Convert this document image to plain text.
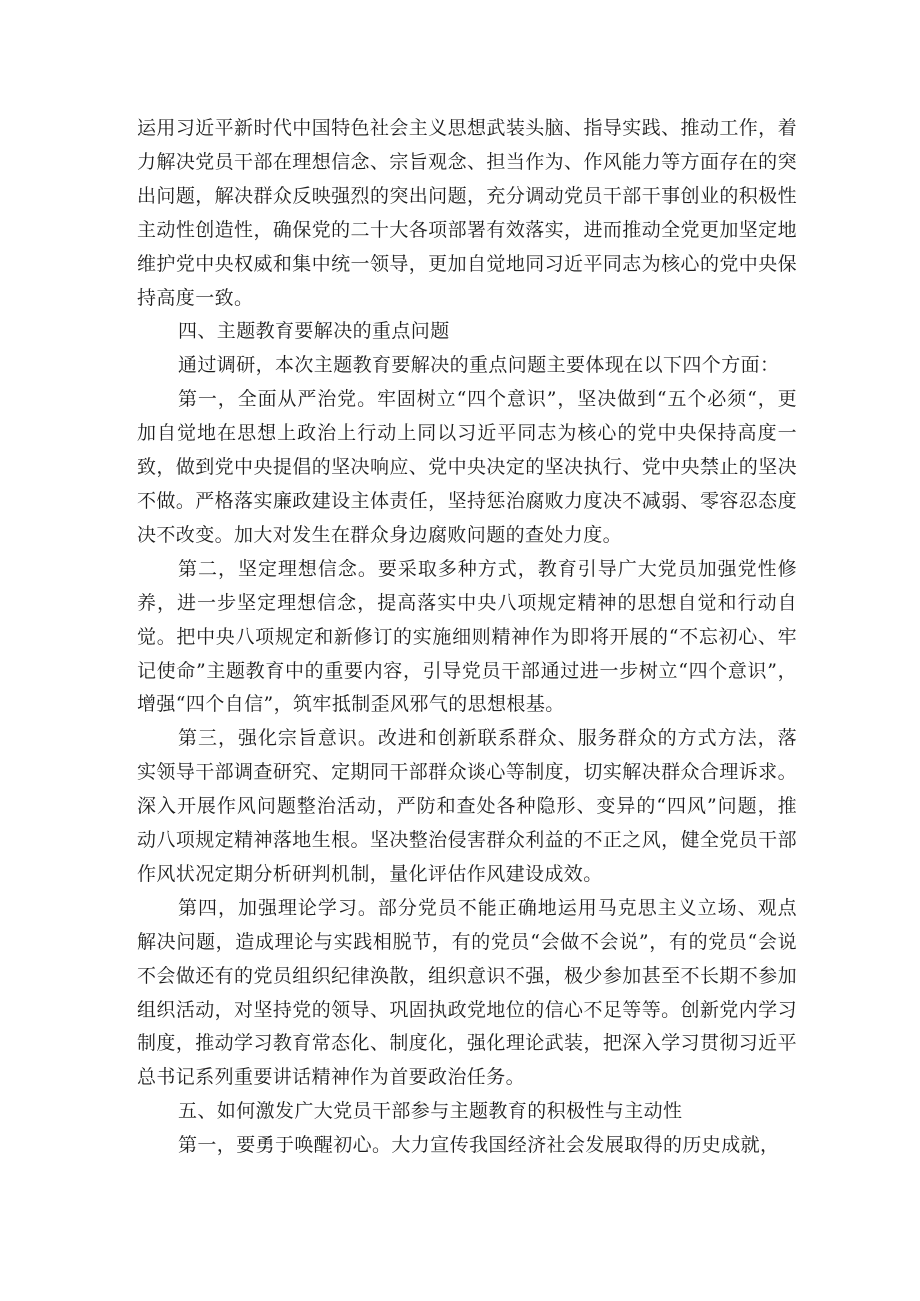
运用习近平新时代中国特色社会主义思想武装头脑、指导实践、推动工作，着力解决党员干部在理想信念、宗旨观念、担当作为、作风能力等方面存在的突出问题，解决群众反映强烈的突出问题，充分调动党员干部干事创业的积极性主动性创造性，确保党的二十大各项部署有效落实，进而推动全党更加坚定地维护党中央权威和集中统一领导，更加自觉地同习近平同志为核心的党中央保持高度一致。

四、主题教育要解决的重点问题

通过调研，本次主题教育要解决的重点问题主要体现在以下四个方面：

第一，全面从严治党。牢固树立“四个意识”，坚决做到“五个必须“，更加自觉地在思想上政治上行动上同以习近平同志为核心的党中央保持高度一致，做到党中央提倡的坚决响应、党中央决定的坚决执行、党中央禁止的坚决不做。严格落实廉政建设主体责任，坚持惩治腐败力度决不减弱、零容忍态度决不改变。加大对发生在群众身边腐败问题的查处力度。

第二，坚定理想信念。要采取多种方式，教育引导广大党员加强党性修养，进一步坚定理想信念，提高落实中央八项规定精神的思想自觉和行动自觉。把中央八项规定和新修订的实施细则精神作为即将开展的“不忘初心、牢记使命”主题教育中的重要内容，引导党员干部通过进一步树立“四个意识”，增强“四个自信”，筑牢抵制歪风邪气的思想根基。

第三，强化宗旨意识。改进和创新联系群众、服务群众的方式方法，落实领导干部调查研究、定期同干部群众谈心等制度，切实解决群众合理诉求。深入开展作风问题整治活动，严防和查处各种隐形、变异的“四风”问题，推动八项规定精神落地生根。坚决整治侵害群众利益的不正之风，健全党员干部作风状况定期分析研判机制，量化评估作风建设成效。

第四，加强理论学习。部分党员不能正确地运用马克思主义立场、观点解决问题，造成理论与实践相脱节，有的党员“会做不会说”，有的党员“会说不会做还有的党员组织纪律涣散，组织意识不强，极少参加甚至不长期不参加组织活动，对坚持党的领导、巩固执政党地位的信心不足等等。创新党内学习制度，推动学习教育常态化、制度化，强化理论武装，把深入学习贯彻习近平总书记系列重要讲话精神作为首要政治任务。

五、如何激发广大党员干部参与主题教育的积极性与主动性

第一，要勇于唤醒初心。大力宣传我国经济社会发展取得的历史成就，
